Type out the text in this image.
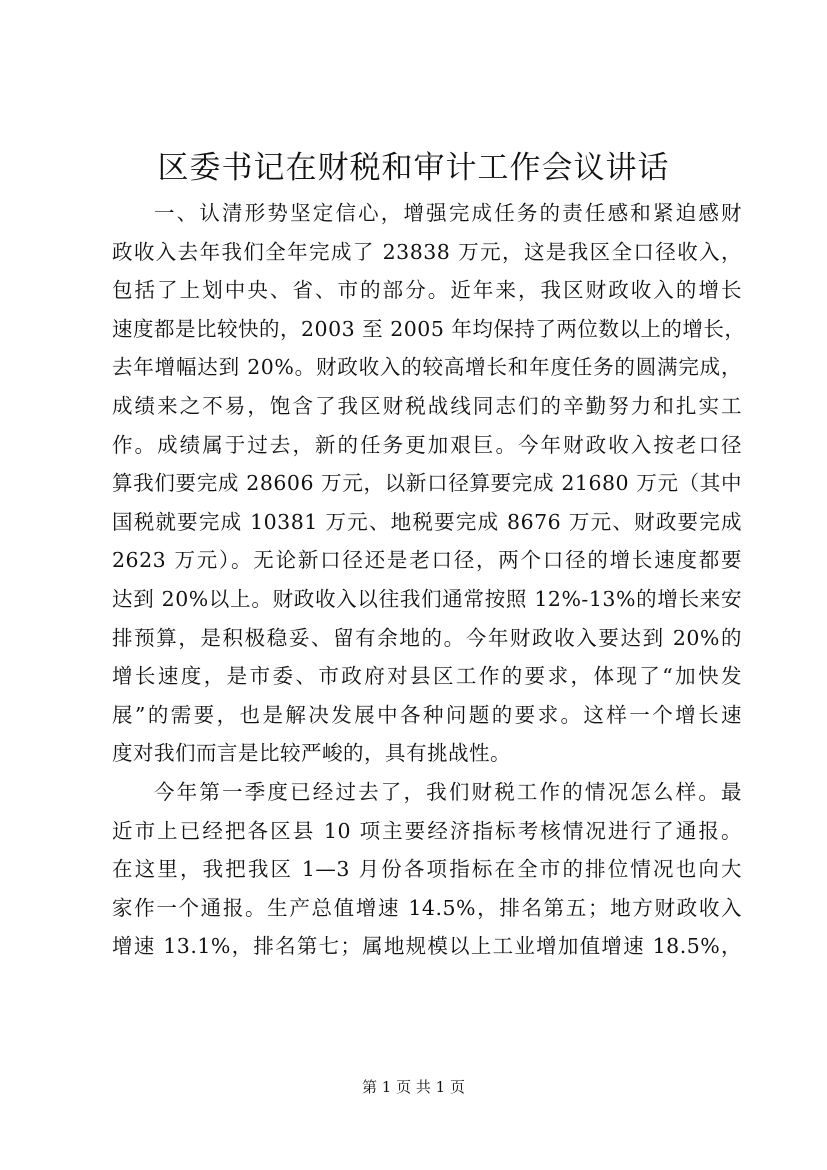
区委书记在财税和审计工作会议讲话
一、认清形势坚定信心，增强完成任务的责任感和紧迫感财
政收入去年我们全年完成了 23838 万元，这是我区全口径收入，
包括了上划中央、省、市的部分。近年来，我区财政收入的增长
速度都是比较快的，2003 至 2005 年均保持了两位数以上的增长，
去年增幅达到 20%。财政收入的较高增长和年度任务的圆满完成，
成绩来之不易，饱含了我区财税战线同志们的辛勤努力和扎实工
作。成绩属于过去，新的任务更加艰巨。今年财政收入按老口径
算我们要完成 28606 万元，以新口径算要完成 21680 万元（其中
国税就要完成 10381 万元、地税要完成 8676 万元、财政要完成
2623 万元）。无论新口径还是老口径，两个口径的增长速度都要
达到 20%以上。财政收入以往我们通常按照 12%-13%的增长来安
排预算，是积极稳妥、留有余地的。今年财政收入要达到 20%的
增长速度，是市委、市政府对县区工作的要求，体现了“加快发
展”的需要，也是解决发展中各种问题的要求。这样一个增长速
度对我们而言是比较严峻的，具有挑战性。
今年第一季度已经过去了，我们财税工作的情况怎么样。最
近市上已经把各区县 10 项主要经济指标考核情况进行了通报。
在这里，我把我区 1—3 月份各项指标在全市的排位情况也向大
家作一个通报。生产总值增速 14.5%，排名第五；地方财政收入
增速 13.1%，排名第七；属地规模以上工业增加值增速 18.5%，
第 1 页 共 1 页
